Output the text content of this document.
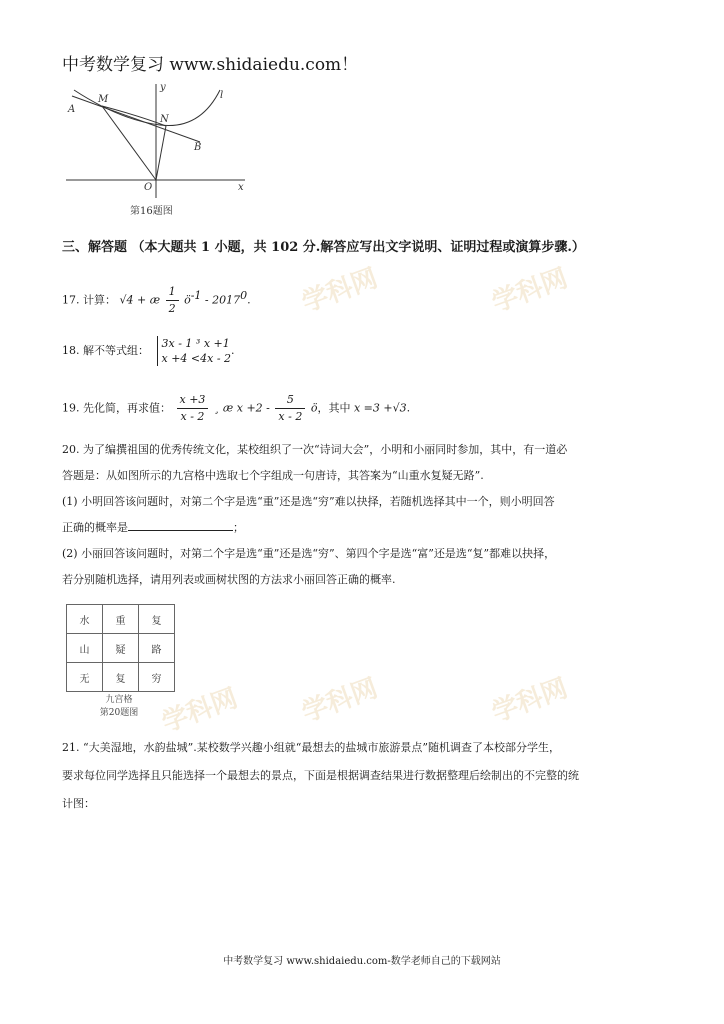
中考数学复习 www.shidaiedu.com！
A
M
N
B
O	x
y
l
第16题图
三、解答题 （本大题共 1 小题，共 102 分.解答应写出文字说明、证明过程或演算步骤.）
17. 计算： √4 + æ $\frac{1}{2}$ $ö^{-1} - 2017^0$.
18. 解不等式组：
3x - 1 ³ x +1
x +4 <4x - 2
.
19. 先化简，再求值： $\frac{x +3}{x - 2}$ ¸ æ $x +2 - \frac{5}{x - 2}$ ö，其中 x =3 +√3.
20. 为了编撰祖国的优秀传统文化，某校组织了一次“诗词大会”，小明和小丽同时参加，其中，有一道必
答题是：从如图所示的九宫格中选取七个字组成一句唐诗，其答案为“山重水复疑无路”.
(1) 小明回答该问题时，对第二个字是选“重”还是选“穷”难以抉择，若随机选择其中一个，则小明回答
正确的概率是	；
(2) 小丽回答该问题时，对第二个字是选“重”还是选“穷”、第四个字是选“富”还是选“复”都难以抉择，
若分别随机选择，请用列表或画树状图的方法求小丽回答正确的概率.
水	重	复
山	疑	路
无	复	穷
九宫格
第20题图
21. “大美湿地，水韵盐城”.某校数学兴趣小组就“最想去的盐城市旅游景点”随机调查了本校部分学生，
要求每位同学选择且只能选择一个最想去的景点，下面是根据调查结果进行数据整理后绘制出的不完整的统
计图：
学科网	学科网
学科网	学科网
学科网
中考数学复习 www.shidaiedu.com-数学老师自己的下载网站
